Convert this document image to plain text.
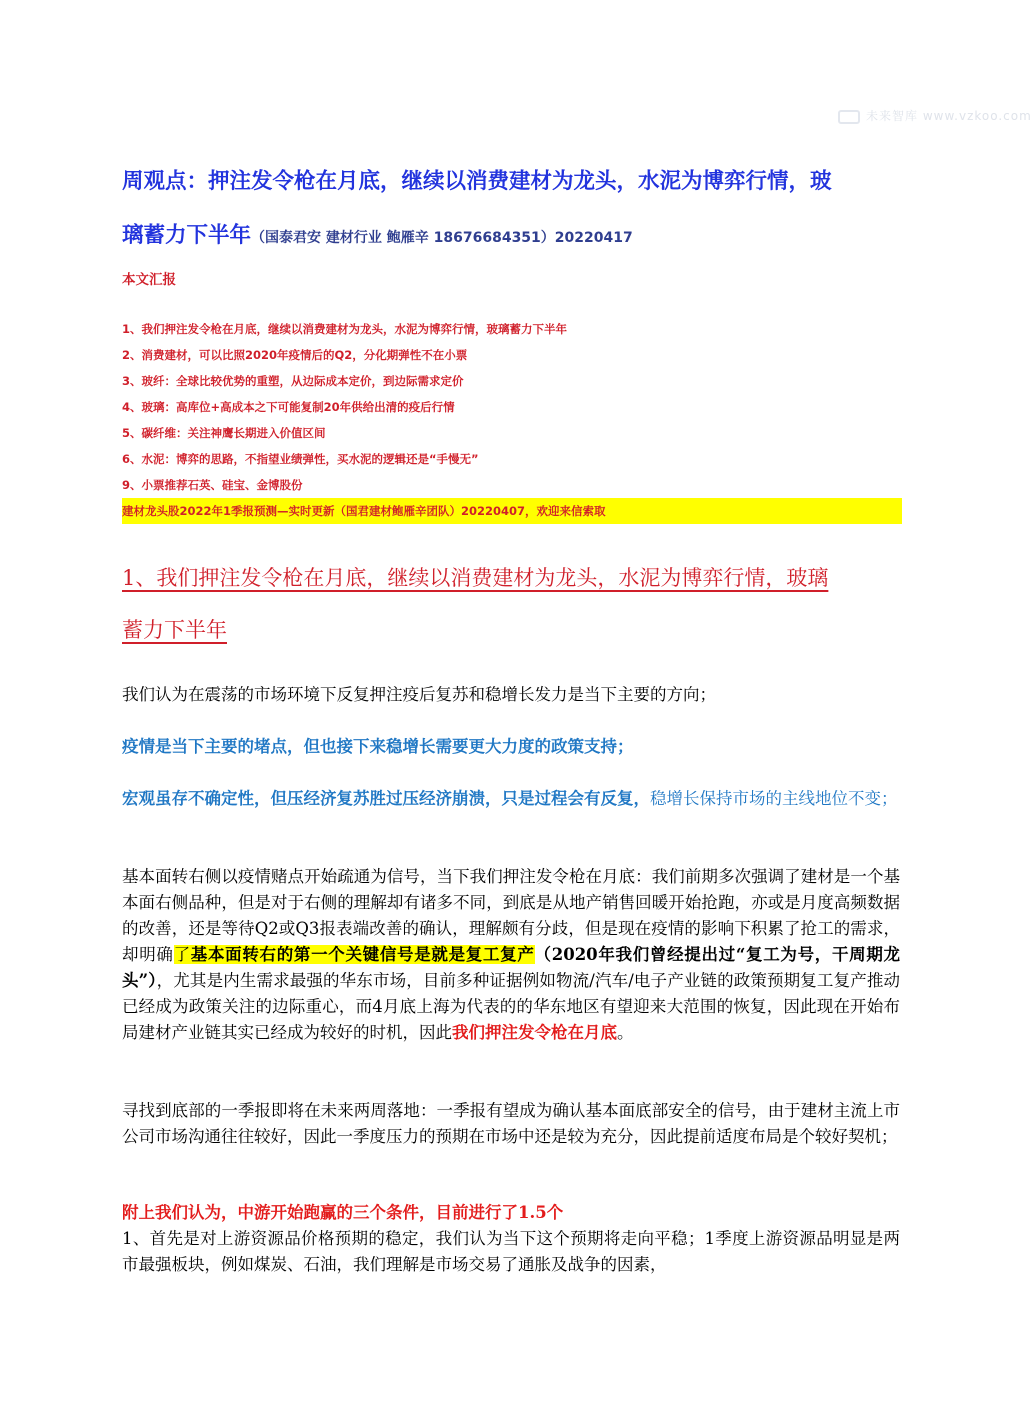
未来智库 www.vzkoo.com
周观点：押注发令枪在月底，继续以消费建材为龙头，水泥为博弈行情，玻
璃蓄力下半年（国泰君安 建材行业 鲍雁辛 18676684351）20220417
本文汇报
1、我们押注发令枪在月底，继续以消费建材为龙头，水泥为博弈行情，玻璃蓄力下半年
2、消费建材，可以比照2020年疫情后的Q2，分化期弹性不在小票
3、玻纤：全球比较优势的重塑，从边际成本定价，到边际需求定价
4、玻璃：高库位+高成本之下可能复制20年供给出清的疫后行情
5、碳纤维：关注神鹰长期进入价值区间
6、水泥：博弈的思路，不指望业绩弹性，买水泥的逻辑还是“手慢无”
9、小票推荐石英、硅宝、金博股份
建材龙头股2022年1季报预测—实时更新（国君建材鲍雁辛团队）20220407，欢迎来信索取
1、我们押注发令枪在月底，继续以消费建材为龙头，水泥为博弈行情，玻璃
蓄力下半年
我们认为在震荡的市场环境下反复押注疫后复苏和稳增长发力是当下主要的方向；
疫情是当下主要的堵点，但也接下来稳增长需要更大力度的政策支持；
宏观虽存不确定性，但压经济复苏胜过压经济崩溃，只是过程会有反复，稳增长保持市场的主线地位不变；
基本面转右侧以疫情赌点开始疏通为信号，当下我们押注发令枪在月底：我们前期多次强调了建材是一个基本面右侧品种，但是对于右侧的理解却有诸多不同，到底是从地产销售回暖开始抢跑，亦或是月度高频数据的改善，还是等待Q2或Q3报表端改善的确认，理解颇有分歧，但是现在疫情的影响下积累了抢工的需求，却明确了基本面转右的第一个关键信号是就是复工复产（2020年我们曾经提出过“复工为号，干周期龙头”），尤其是内生需求最强的华东市场，目前多种证据例如物流/汽车/电子产业链的政策预期复工复产推动已经成为政策关注的边际重心，而4月底上海为代表的的华东地区有望迎来大范围的恢复，因此现在开始布局建材产业链其实已经成为较好的时机，因此我们押注发令枪在月底。
寻找到底部的一季报即将在未来两周落地：一季报有望成为确认基本面底部安全的信号，由于建材主流上市公司市场沟通往往较好，因此一季度压力的预期在市场中还是较为充分，因此提前适度布局是个较好契机；
附上我们认为，中游开始跑赢的三个条件，目前进行了1.5个
1、首先是对上游资源品价格预期的稳定，我们认为当下这个预期将走向平稳；1季度上游资源品明显是两市最强板块，例如煤炭、石油，我们理解是市场交易了通胀及战争的因素，
